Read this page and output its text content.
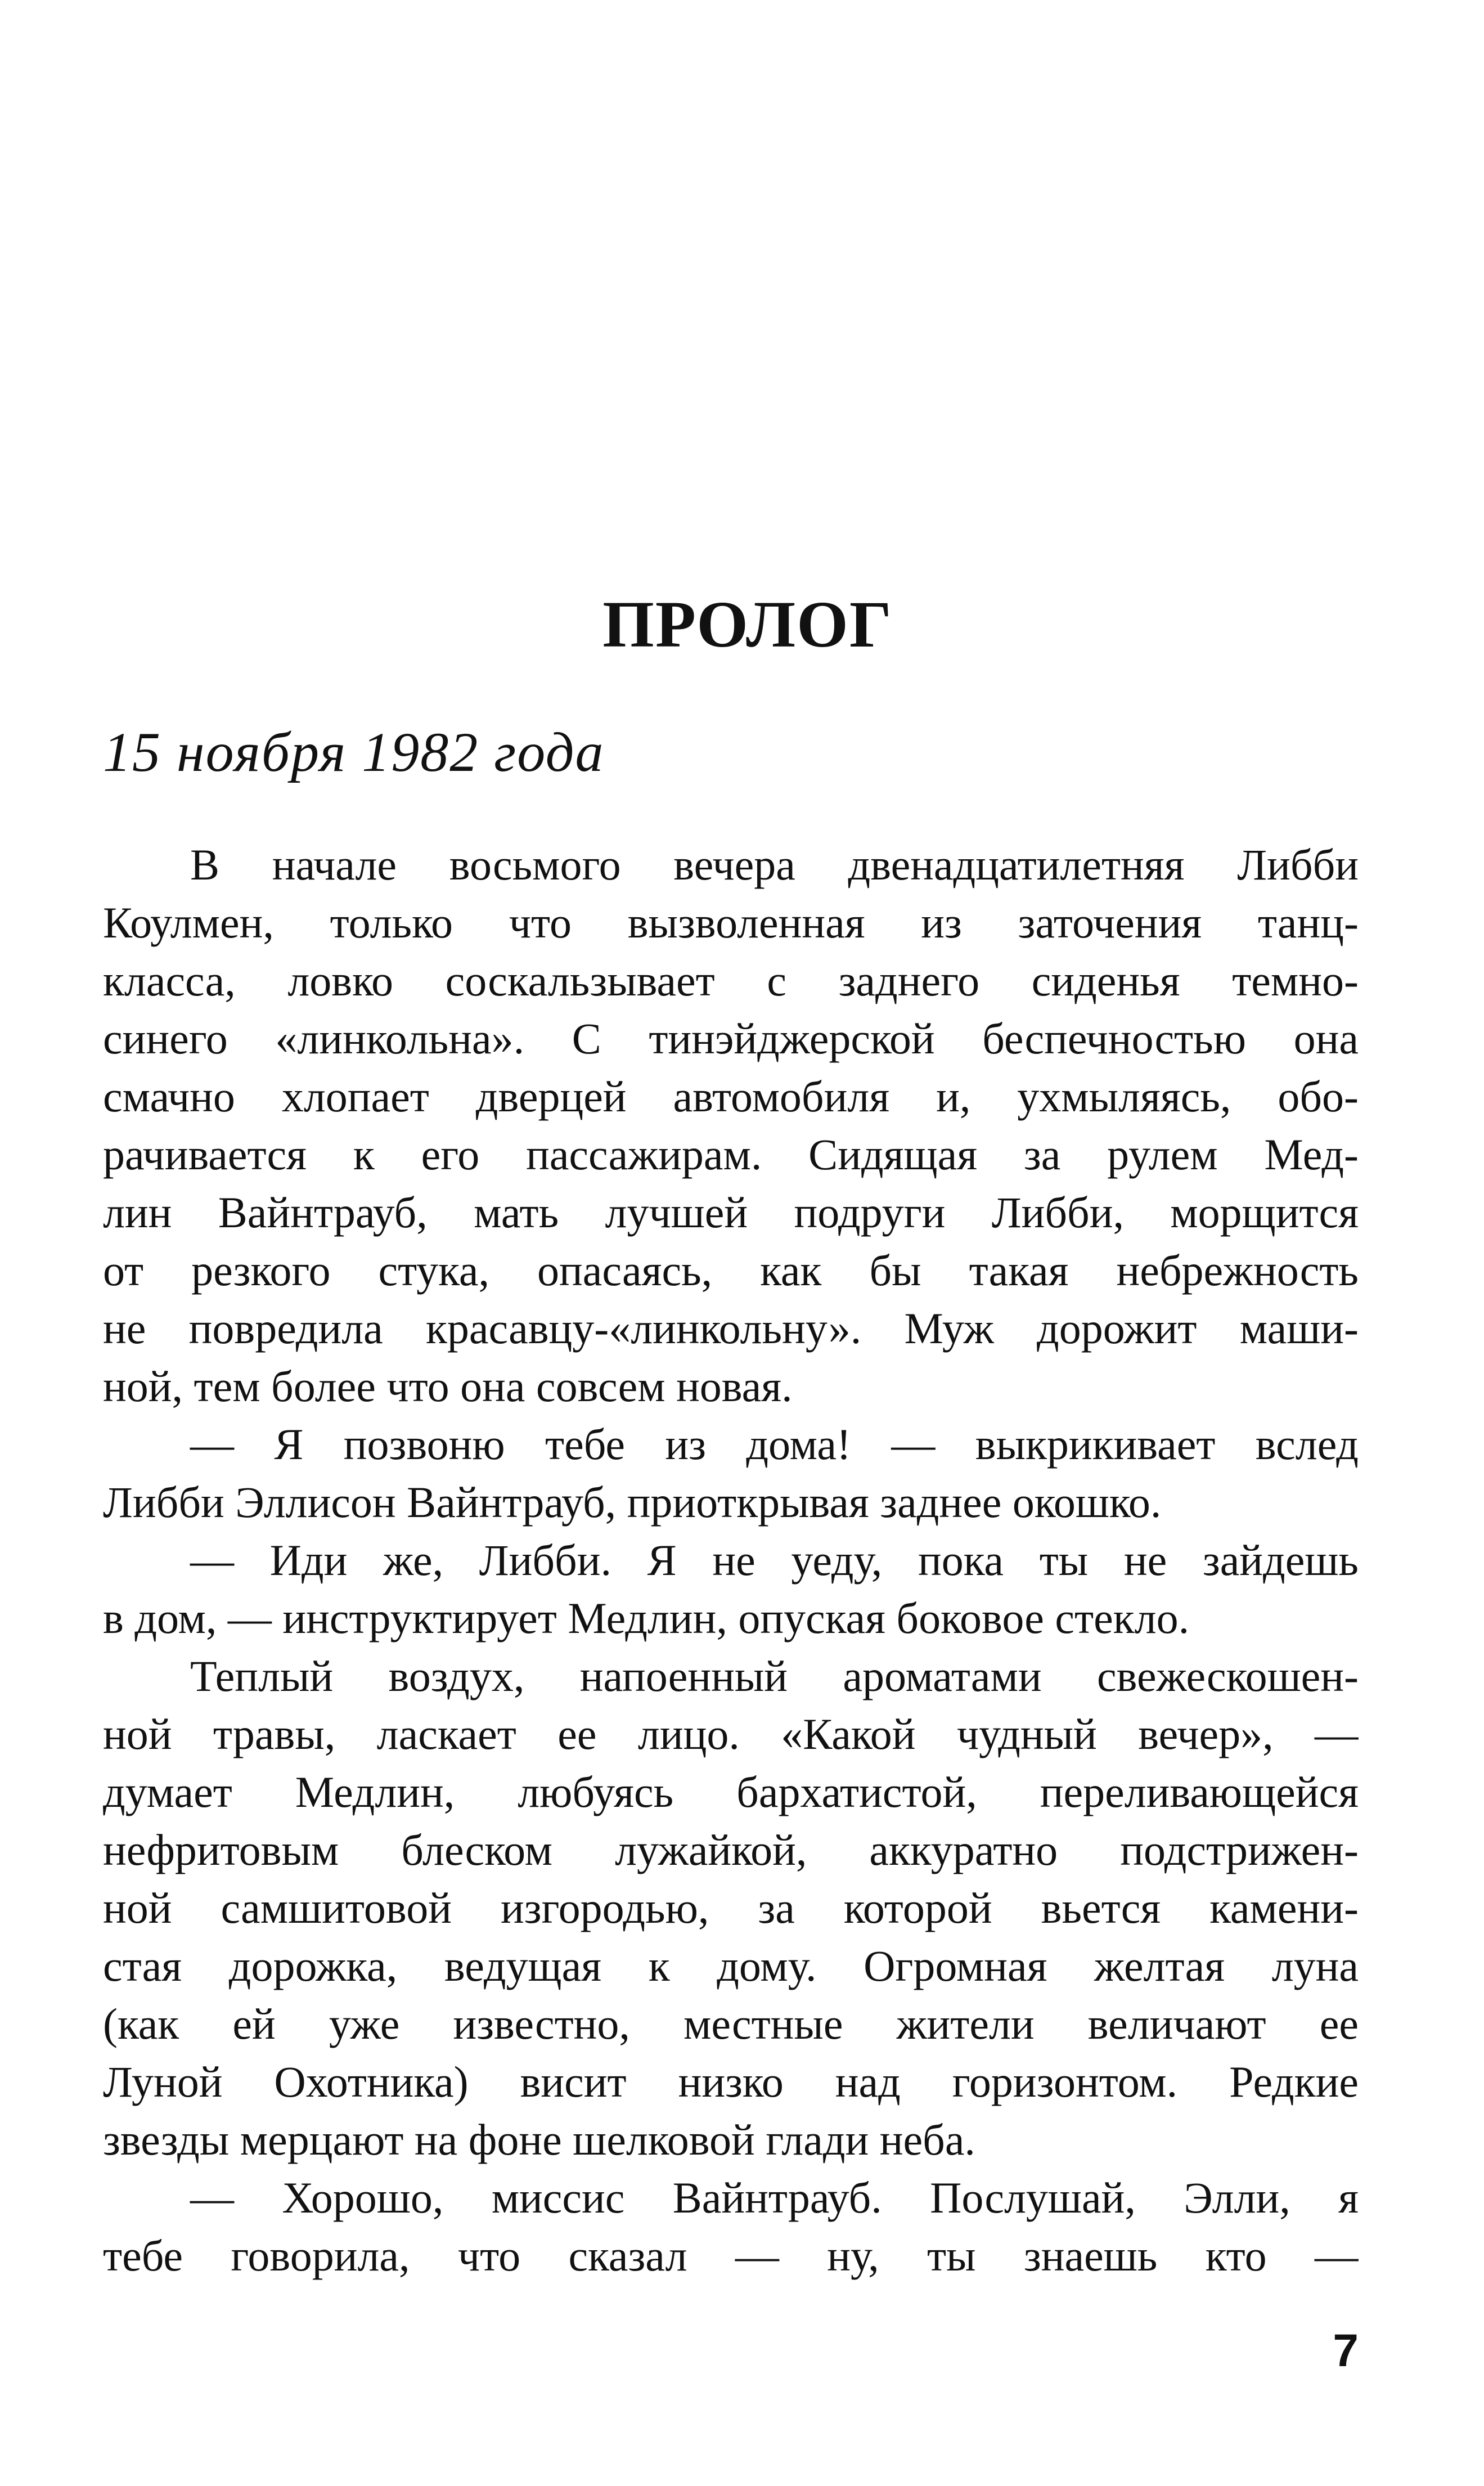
ПРОЛОГ
15 ноября 1982 года
В начале восьмого вечера двенадцатилетняя Либби
Коулмен, только что вызволенная из заточения танц-
класса, ловко соскальзывает с заднего сиденья темно-
синего «линкольна». С тинэйджерской беспечностью она
смачно хлопает дверцей автомобиля и, ухмыляясь, обо-
рачивается к его пассажирам. Сидящая за рулем Мед-
лин Вайнтрауб, мать лучшей подруги Либби, морщится
от резкого стука, опасаясь, как бы такая небрежность
не повредила красавцу-«линкольну». Муж дорожит маши-
ной, тем более что она совсем новая.
— Я позвоню тебе из дома! — выкрикивает вслед
Либби Эллисон Вайнтрауб, приоткрывая заднее окошко.
— Иди же, Либби. Я не уеду, пока ты не зайдешь
в дом, — инструктирует Медлин, опуская боковое стекло.
Теплый воздух, напоенный ароматами свежескошен-
ной травы, ласкает ее лицо. «Какой чудный вечер», —
думает Медлин, любуясь бархатистой, переливающейся
нефритовым блеском лужайкой, аккуратно подстрижен-
ной самшитовой изгородью, за которой вьется камени-
стая дорожка, ведущая к дому. Огромная желтая луна
(как ей уже известно, местные жители величают ее
Луной Охотника) висит низко над горизонтом. Редкие
звезды мерцают на фоне шелковой глади неба.
— Хорошо, миссис Вайнтрауб. Послушай, Элли, я
тебе говорила, что сказал — ну, ты знаешь кто —
7
